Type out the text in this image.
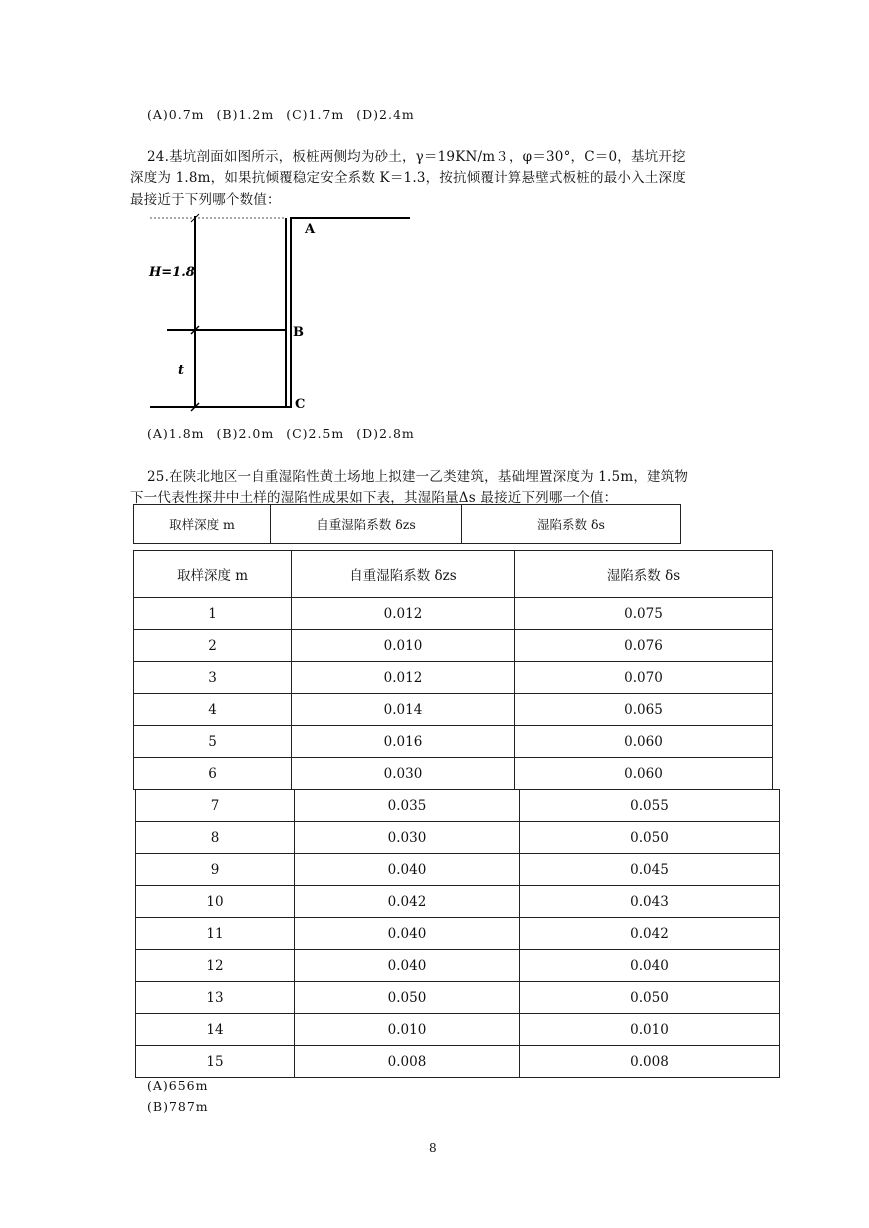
(A)0.7m (B)1.2m (C)1.7m (D)2.4m
24.基坑剖面如图所示，板桩两侧均为砂土，γ＝19KN/m３，φ＝30°，C＝0，基坑开挖
深度为 1.8m，如果抗倾覆稳定安全系数 K＝1.3，按抗倾覆计算悬壁式板桩的最小入土深度
最接近于下列哪个数值：
A
B
C
H=1.8
t
(A)1.8m (B)2.0m (C)2.5m (D)2.8m
25.在陕北地区一自重湿陷性黄土场地上拟建一乙类建筑，基础埋置深度为 1.5m，建筑物
下一代表性探井中土样的湿陷性成果如下表，其湿陷量Δs 最接近下列哪一个值：
取样深度 m	自重湿陷系数 δzs	湿陷系数 δs
取样深度 m	自重湿陷系数 δzs	湿陷系数 δs
1	0.012	0.075
2	0.010	0.076
3	0.012	0.070
4	0.014	0.065
5	0.016	0.060
6	0.030	0.060
7	0.035	0.055
8	0.030	0.050
9	0.040	0.045
10	0.042	0.043
11	0.040	0.042
12	0.040	0.040
13	0.050	0.050
14	0.010	0.010
15	0.008	0.008
(A)656m
(B)787m
8
